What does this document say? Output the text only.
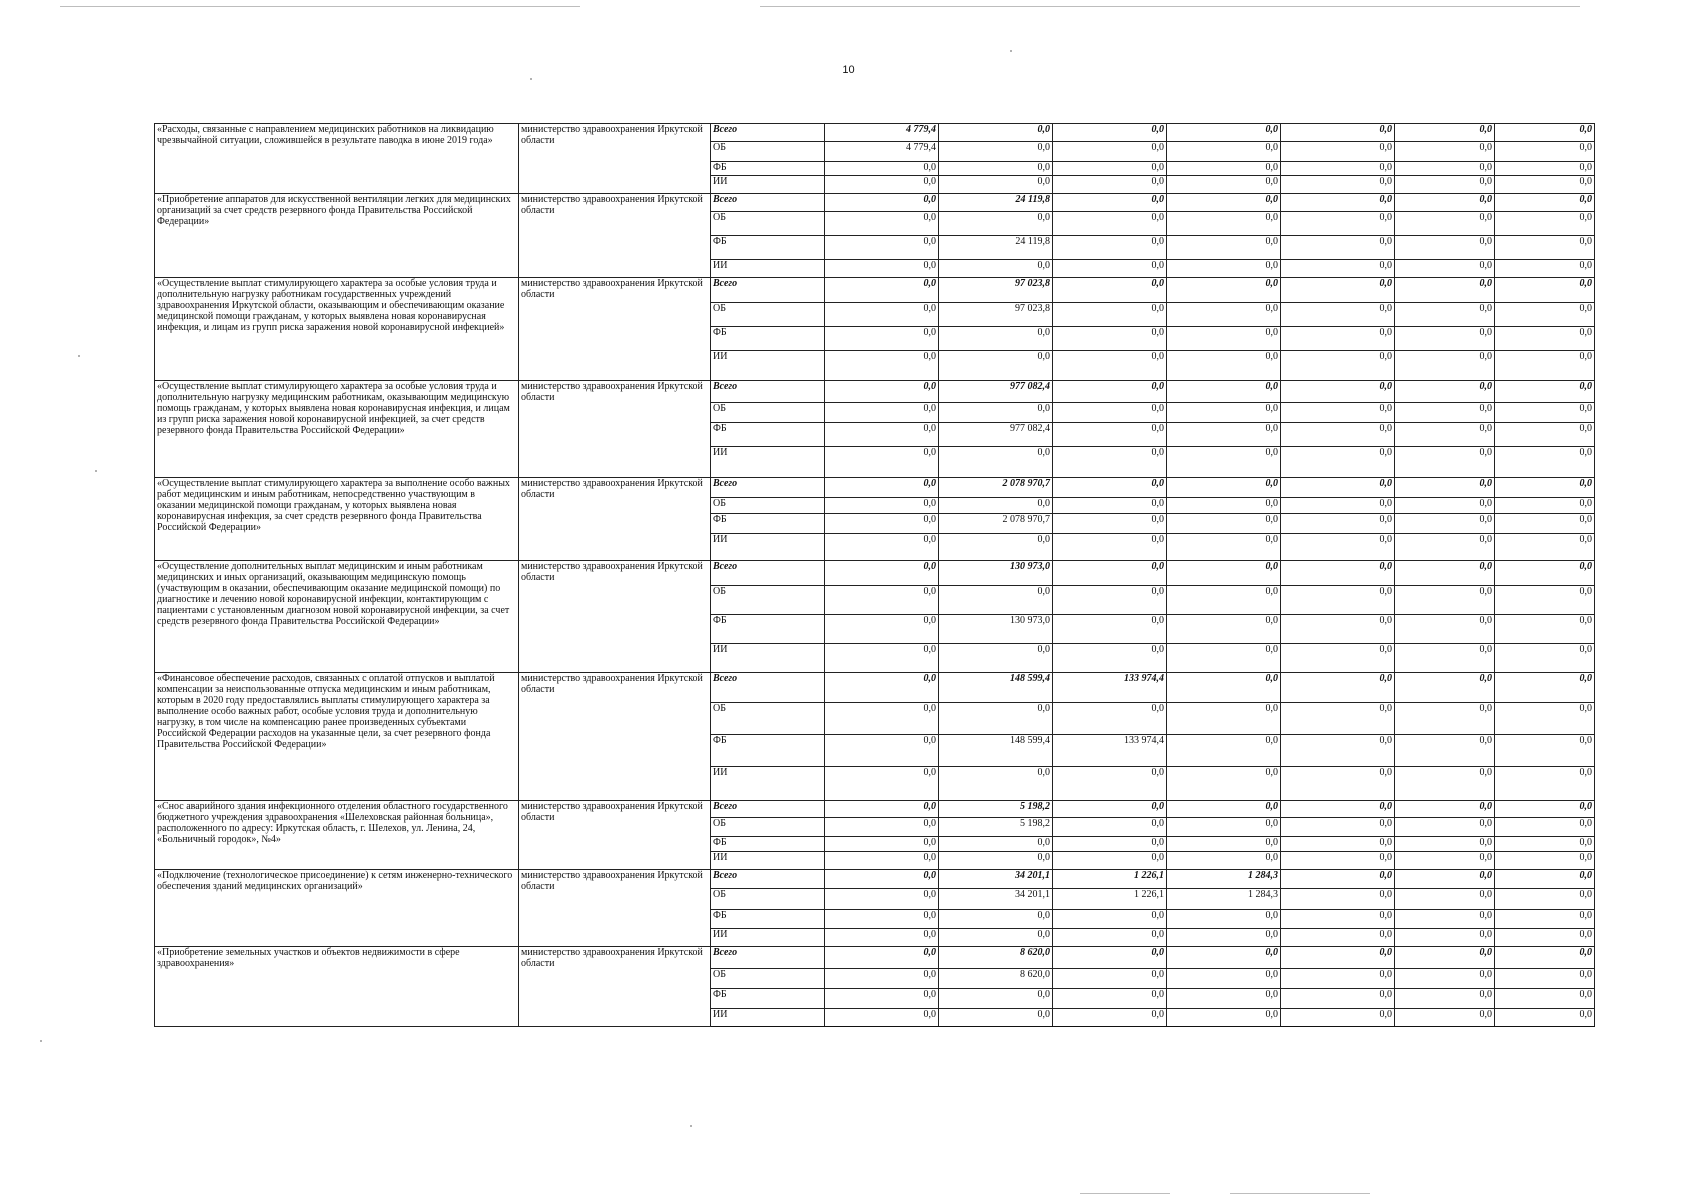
10
«Расходы, связанные с направлением медицинских работников на ликвидацию чрезвычайной ситуации, сложившейся в результате паводка в июне 2019 года»	министерство здравоохранения Иркутской области	Всего	4 779,4	0,0	0,0	0,0	0,0	0,0	0,0
		ОБ	4 779,4	0,0	0,0	0,0	0,0	0,0	0,0
		ФБ	0,0	0,0	0,0	0,0	0,0	0,0	0,0
		ИИ	0,0	0,0	0,0	0,0	0,0	0,0	0,0
«Приобретение аппаратов для искусственной вентиляции легких для медицинских организаций за счет средств резервного фонда Правительства Российской Федерации»	министерство здравоохранения Иркутской области	Всего	0,0	24 119,8	0,0	0,0	0,0	0,0	0,0
		ОБ	0,0	0,0	0,0	0,0	0,0	0,0	0,0
		ФБ	0,0	24 119,8	0,0	0,0	0,0	0,0	0,0
		ИИ	0,0	0,0	0,0	0,0	0,0	0,0	0,0
«Осуществление выплат стимулирующего характера за особые условия труда и дополнительную нагрузку работникам государственных учреждений здравоохранения Иркутской области, оказывающим и обеспечивающим оказание медицинской помощи гражданам, у которых выявлена новая коронавирусная инфекция, и лицам из групп риска заражения новой коронавирусной инфекцией»	министерство здравоохранения Иркутской области	Всего	0,0	97 023,8	0,0	0,0	0,0	0,0	0,0
		ОБ	0,0	97 023,8	0,0	0,0	0,0	0,0	0,0
		ФБ	0,0	0,0	0,0	0,0	0,0	0,0	0,0
		ИИ	0,0	0,0	0,0	0,0	0,0	0,0	0,0
«Осуществление выплат стимулирующего характера за особые условия труда и дополнительную нагрузку медицинским работникам, оказывающим медицинскую помощь гражданам, у которых выявлена новая коронавирусная инфекция, и лицам из групп риска заражения новой коронавирусной инфекцией, за счет средств резервного фонда Правительства Российской Федерации»	министерство здравоохранения Иркутской области	Всего	0,0	977 082,4	0,0	0,0	0,0	0,0	0,0
		ОБ	0,0	0,0	0,0	0,0	0,0	0,0	0,0
		ФБ	0,0	977 082,4	0,0	0,0	0,0	0,0	0,0
		ИИ	0,0	0,0	0,0	0,0	0,0	0,0	0,0
«Осуществление выплат стимулирующего характера за выполнение особо важных работ медицинским и иным работникам, непосредственно участвующим в оказании медицинской помощи гражданам, у которых выявлена новая коронавирусная инфекция, за счет средств резервного фонда Правительства Российской Федерации»	министерство здравоохранения Иркутской области	Всего	0,0	2 078 970,7	0,0	0,0	0,0	0,0	0,0
		ОБ	0,0	0,0	0,0	0,0	0,0	0,0	0,0
		ФБ	0,0	2 078 970,7	0,0	0,0	0,0	0,0	0,0
		ИИ	0,0	0,0	0,0	0,0	0,0	0,0	0,0
«Осуществление дополнительных выплат медицинским и иным работникам медицинских и иных организаций, оказывающим медицинскую помощь (участвующим в оказании, обеспечивающим оказание медицинской помощи) по диагностике и лечению новой коронавирусной инфекции, контактирующим с пациентами с установленным диагнозом новой коронавирусной инфекции, за счет средств резервного фонда Правительства Российской Федерации»	министерство здравоохранения Иркутской области	Всего	0,0	130 973,0	0,0	0,0	0,0	0,0	0,0
		ОБ	0,0	0,0	0,0	0,0	0,0	0,0	0,0
		ФБ	0,0	130 973,0	0,0	0,0	0,0	0,0	0,0
		ИИ	0,0	0,0	0,0	0,0	0,0	0,0	0,0
«Финансовое обеспечение расходов, связанных с оплатой отпусков и выплатой компенсации за неиспользованные отпуска медицинским и иным работникам, которым в 2020 году предоставлялись выплаты стимулирующего характера за выполнение особо важных работ, особые условия труда и дополнительную нагрузку, в том числе на компенсацию ранее произведенных субъектами Российской Федерации расходов на указанные цели, за счет резервного фонда Правительства Российской Федерации»	министерство здравоохранения Иркутской области	Всего	0,0	148 599,4	133 974,4	0,0	0,0	0,0	0,0
		ОБ	0,0	0,0	0,0	0,0	0,0	0,0	0,0
		ФБ	0,0	148 599,4	133 974,4	0,0	0,0	0,0	0,0
		ИИ	0,0	0,0	0,0	0,0	0,0	0,0	0,0
«Снос аварийного здания инфекционного отделения областного государственного бюджетного учреждения здравоохранения «Шелеховская районная больница», расположенного по адресу: Иркутская область, г. Шелехов, ул. Ленина, 24, «Больничный городок», №4»	министерство здравоохранения Иркутской области	Всего	0,0	5 198,2	0,0	0,0	0,0	0,0	0,0
		ОБ	0,0	5 198,2	0,0	0,0	0,0	0,0	0,0
		ФБ	0,0	0,0	0,0	0,0	0,0	0,0	0,0
		ИИ	0,0	0,0	0,0	0,0	0,0	0,0	0,0
«Подключение (технологическое присоединение) к сетям инженерно-технического обеспечения зданий медицинских организаций»	министерство здравоохранения Иркутской области	Всего	0,0	34 201,1	1 226,1	1 284,3	0,0	0,0	0,0
		ОБ	0,0	34 201,1	1 226,1	1 284,3	0,0	0,0	0,0
		ФБ	0,0	0,0	0,0	0,0	0,0	0,0	0,0
		ИИ	0,0	0,0	0,0	0,0	0,0	0,0	0,0
«Приобретение земельных участков и объектов недвижимости в сфере здравоохранения»	министерство здравоохранения Иркутской области	Всего	0,0	8 620,0	0,0	0,0	0,0	0,0	0,0
		ОБ	0,0	8 620,0	0,0	0,0	0,0	0,0	0,0
		ФБ	0,0	0,0	0,0	0,0	0,0	0,0	0,0
		ИИ	0,0	0,0	0,0	0,0	0,0	0,0	0,0
